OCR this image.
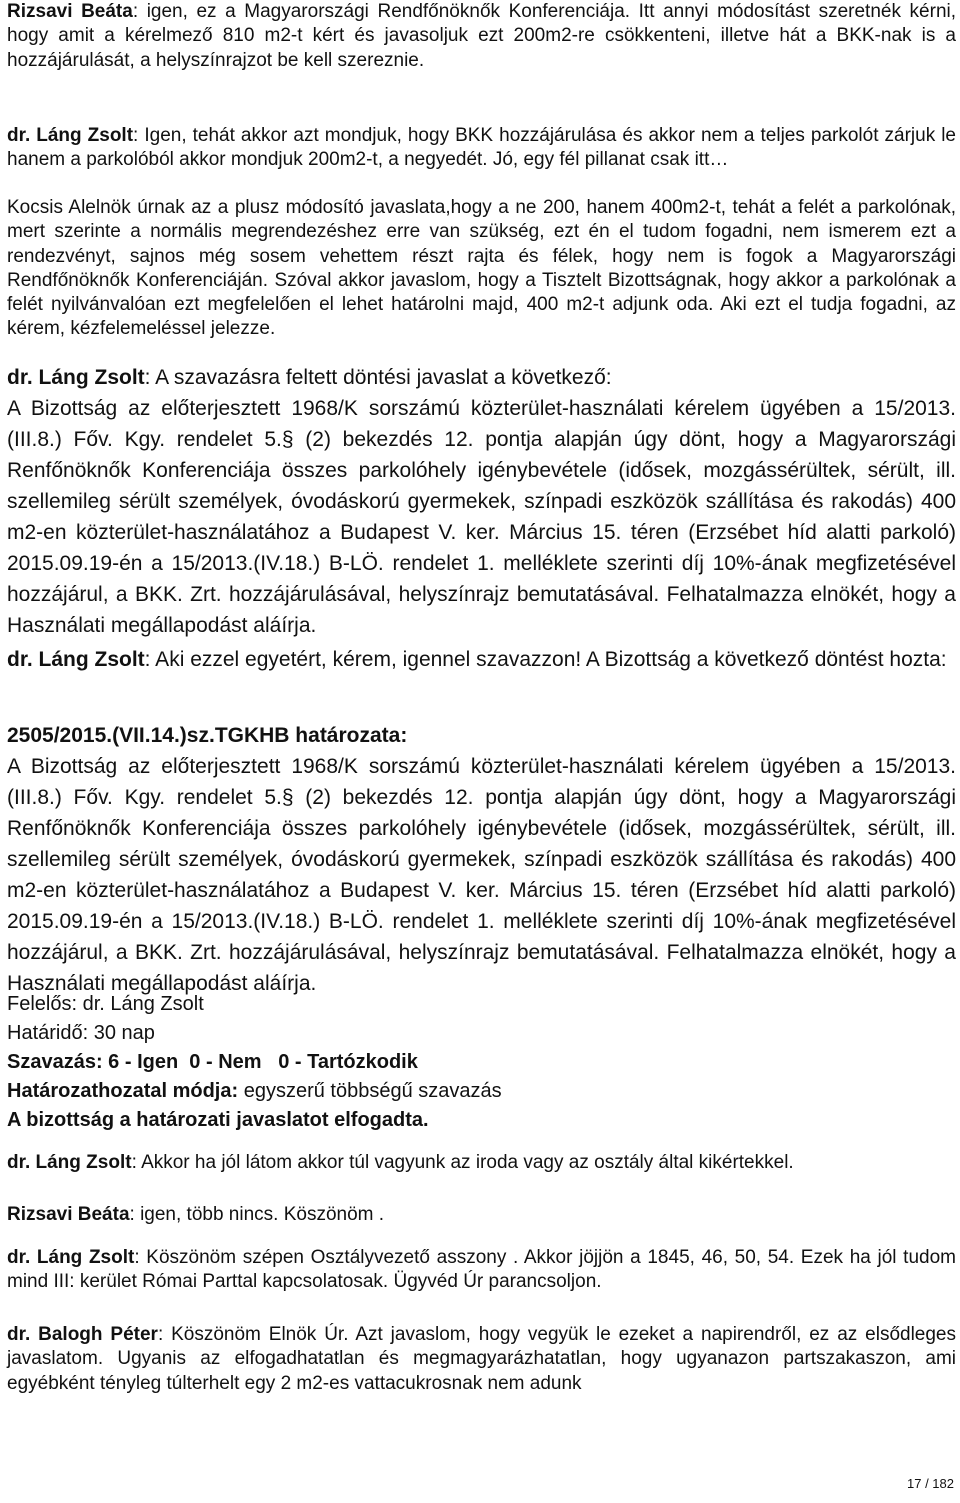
Rizsavi Beáta: igen, ez a Magyarországi Rendfőnöknők Konferenciája. Itt annyi módosítást szeretnék kérni, hogy amit a kérelmező 810 m2-t kért és javasoljuk ezt 200m2-re csökkenteni, illetve hát a BKK-nak is a hozzájárulását, a helyszínrajzot be kell szereznie.

dr. Láng Zsolt: Igen, tehát akkor azt mondjuk, hogy BKK hozzájárulása és akkor nem a teljes parkolót zárjuk le hanem a parkolóból akkor mondjuk 200m2-t, a negyedét. Jó, egy fél pillanat csak itt…

Kocsis Alelnök úrnak az a plusz módosító javaslata,hogy a ne 200, hanem 400m2-t, tehát a felét a parkolónak, mert szerinte a normális megrendezéshez erre van szükség, ezt én el tudom fogadni, nem ismerem ezt a rendezvényt, sajnos még sosem vehettem részt rajta és félek, hogy nem is fogok a Magyarországi Rendfőnöknők Konferenciáján. Szóval akkor javaslom, hogy a Tisztelt Bizottságnak, hogy akkor a parkolónak a felét nyilvánvalóan ezt megfelelően el lehet határolni majd, 400 m2-t adjunk oda. Aki ezt el tudja fogadni, az kérem, kézfelemeléssel jelezze.

dr. Láng Zsolt: A szavazásra feltett döntési javaslat a következő:
A Bizottság az előterjesztett 1968/K sorszámú közterület-használati kérelem ügyében a 15/2013.(III.8.) Főv. Kgy. rendelet 5.§ (2) bekezdés 12. pontja alapján úgy dönt, hogy a Magyarországi Renfőnöknők Konferenciája összes parkolóhely igénybevétele (idősek, mozgássérültek, sérült, ill. szellemileg sérült személyek, óvodáskorú gyermekek, színpadi eszközök szállítása és rakodás) 400 m2-en közterület-használatához a Budapest V. ker. Március 15. téren (Erzsébet híd alatti parkoló) 2015.09.19-én a 15/2013.(IV.18.) B-LÖ. rendelet 1. melléklete szerinti díj 10%-ának megfizetésével hozzájárul, a BKK. Zrt. hozzájárulásával, helyszínrajz bemutatásával. Felhatalmazza elnökét, hogy a Használati megállapodást aláírja.

dr. Láng Zsolt: Aki ezzel egyetért, kérem, igennel szavazzon! A Bizottság a következő döntést hozta:

2505/2015.(VII.14.)sz.TGKHB határozata:
A Bizottság az előterjesztett 1968/K sorszámú közterület-használati kérelem ügyében a 15/2013.(III.8.) Főv. Kgy. rendelet 5.§ (2) bekezdés 12. pontja alapján úgy dönt, hogy a Magyarországi Renfőnöknők Konferenciája összes parkolóhely igénybevétele (idősek, mozgássérültek, sérült, ill. szellemileg sérült személyek, óvodáskorú gyermekek, színpadi eszközök szállítása és rakodás) 400 m2-en közterület-használatához a Budapest V. ker. Március 15. téren (Erzsébet híd alatti parkoló) 2015.09.19-én a 15/2013.(IV.18.) B-LÖ. rendelet 1. melléklete szerinti díj 10%-ának megfizetésével hozzájárul, a BKK. Zrt. hozzájárulásával, helyszínrajz bemutatásával. Felhatalmazza elnökét, hogy a Használati megállapodást aláírja.
Felelős: dr. Láng Zsolt
Határidő: 30 nap
Szavazás: 6 - Igen  0 - Nem   0 - Tartózkodik
Határozathozatal módja: egyszerű többségű szavazás
A bizottság a határozati javaslatot elfogadta.

dr. Láng Zsolt: Akkor ha jól látom akkor túl vagyunk az iroda vagy az osztály által kikértekkel.

Rizsavi Beáta: igen, több nincs. Köszönöm .

dr. Láng Zsolt: Köszönöm szépen Osztályvezető asszony . Akkor jöjjön a 1845, 46, 50, 54. Ezek ha jól tudom mind III: kerület Római Parttal kapcsolatosak. Ügyvéd Úr parancsoljon.

dr. Balogh Péter: Köszönöm Elnök Úr. Azt javaslom, hogy vegyük le ezeket a napirendről, ez az elsődleges javaslatom. Ugyanis az elfogadhatatlan és megmagyarázhatatlan, hogy ugyanazon partszakaszon, ami egyébként tényleg túlterhelt egy 2 m2-es vattacukrosnak nem adunk

17 / 182
